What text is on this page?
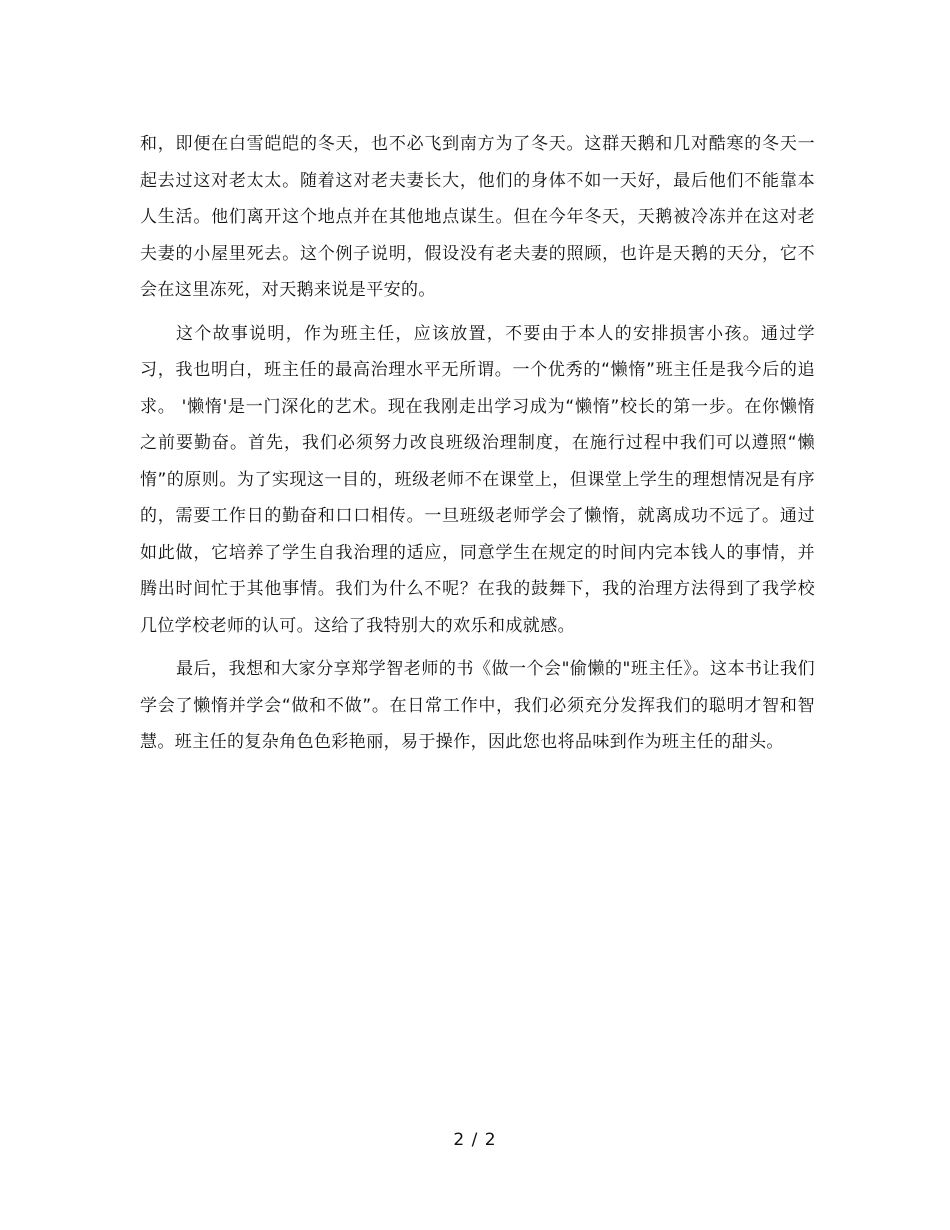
和，即便在白雪皑皑的冬天，也不必飞到南方为了冬天。这群天鹅和几对酷寒的冬天一起去过这对老太太。随着这对老夫妻长大，他们的身体不如一天好，最后他们不能靠本人生活。他们离开这个地点并在其他地点谋生。但在今年冬天，天鹅被冷冻并在这对老夫妻的小屋里死去。这个例子说明，假设没有老夫妻的照顾，也许是天鹅的天分，它不会在这里冻死，对天鹅来说是平安的。

这个故事说明，作为班主任，应该放置，不要由于本人的安排损害小孩。通过学习，我也明白，班主任的最高治理水平无所谓。一个优秀的“懒惰”班主任是我今后的追求。 '懒惰'是一门深化的艺术。现在我刚走出学习成为“懒惰”校长的第一步。在你懒惰之前要勤奋。首先，我们必须努力改良班级治理制度，在施行过程中我们可以遵照“懒惰”的原则。为了实现这一目的，班级老师不在课堂上，但课堂上学生的理想情况是有序的，需要工作日的勤奋和口口相传。一旦班级老师学会了懒惰，就离成功不远了。通过如此做，它培养了学生自我治理的适应，同意学生在规定的时间内完本钱人的事情，并腾出时间忙于其他事情。我们为什么不呢？在我的鼓舞下，我的治理方法得到了我学校几位学校老师的认可。这给了我特别大的欢乐和成就感。

最后，我想和大家分享郑学智老师的书《做一个会"偷懒的"班主任》。这本书让我们学会了懒惰并学会“做和不做”。在日常工作中，我们必须充分发挥我们的聪明才智和智慧。班主任的复杂角色色彩艳丽，易于操作，因此您也将品味到作为班主任的甜头。

2 / 2
